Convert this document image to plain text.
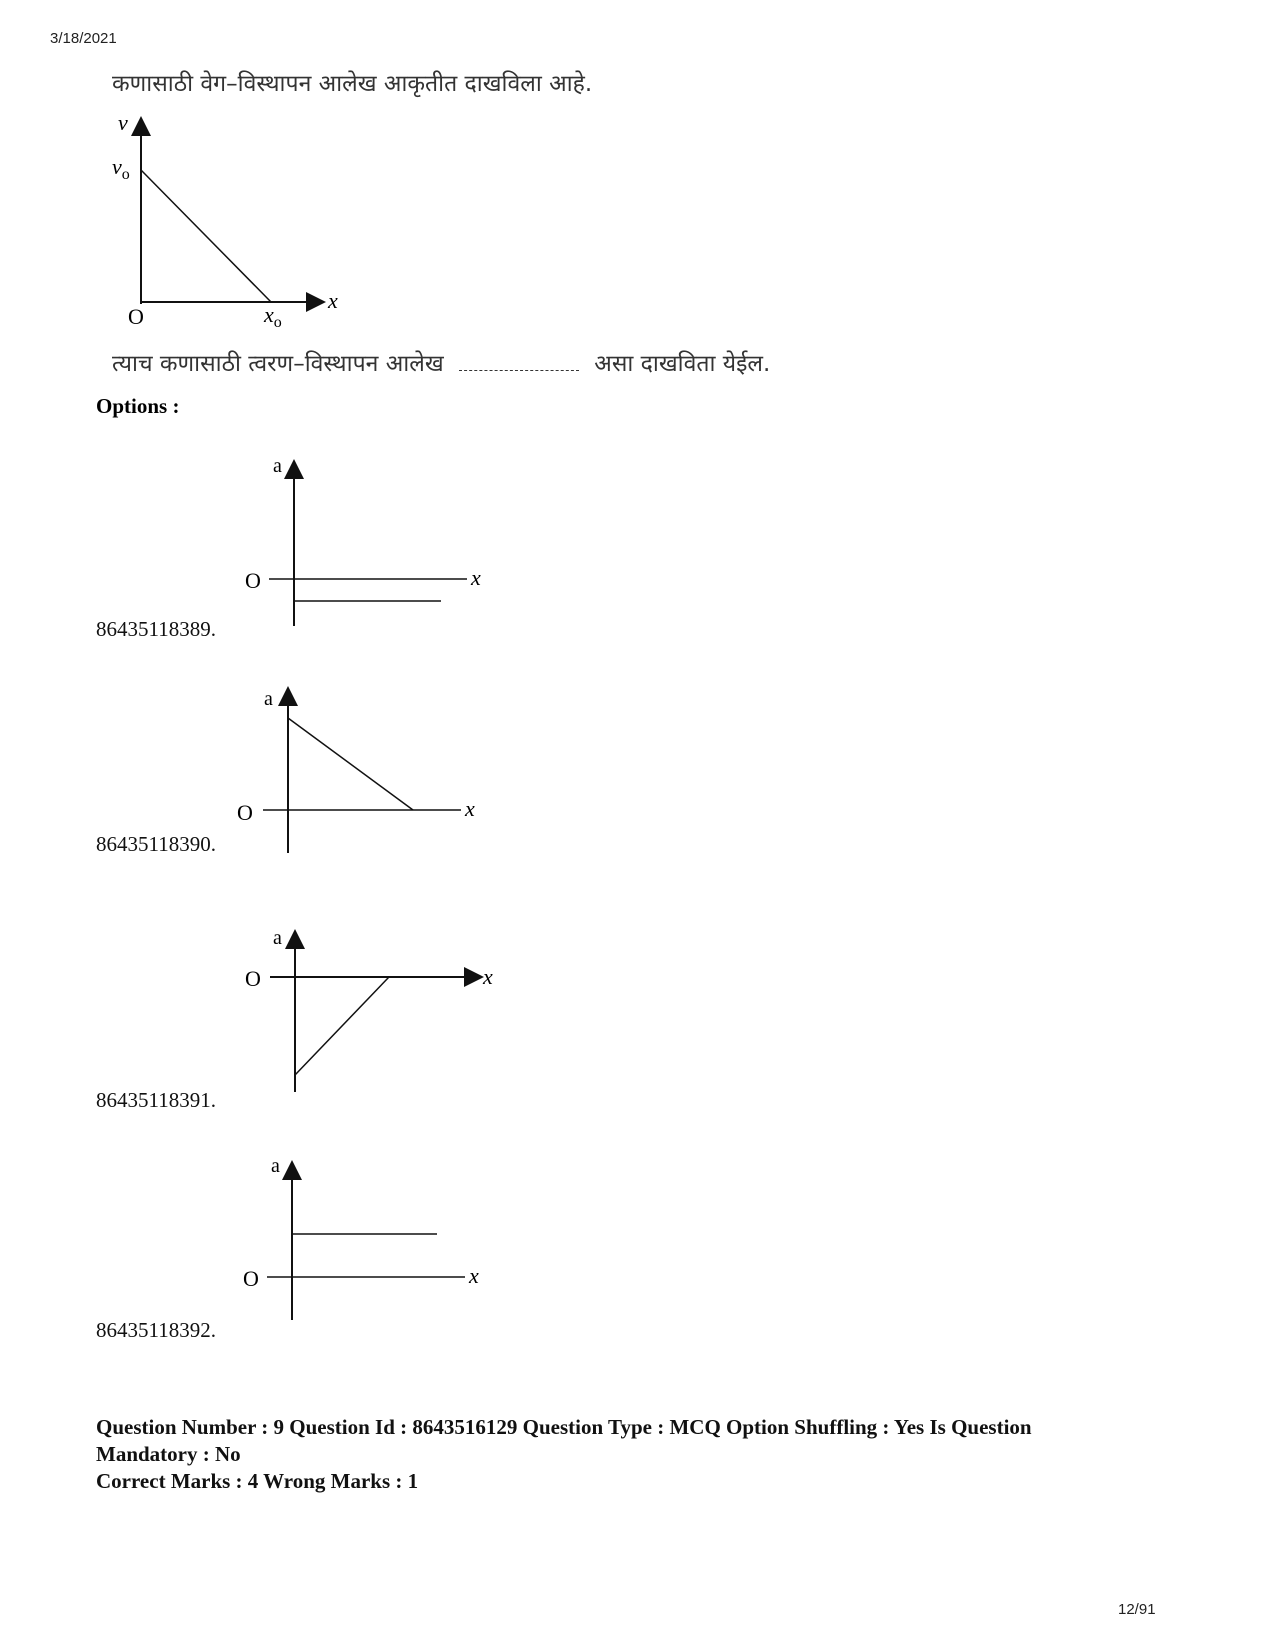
3/18/2021
कणासाठी वेग–विस्थापन आलेख आकृतीत दाखविला आहे.
v
$v_o$
O	$x_o$
x
त्याच कणासाठी त्वरण–विस्थापन आलेख	असा दाखविता येईल.
Options :
a
O	x
86435118389.
a
O	x
86435118390.
a
O	x
86435118391.
a
O	x
86435118392.
Question Number : 9 Question Id : 8643516129 Question Type : MCQ Option Shuffling : Yes Is Question
Mandatory : No
Correct Marks : 4 Wrong Marks : 1
12/91
